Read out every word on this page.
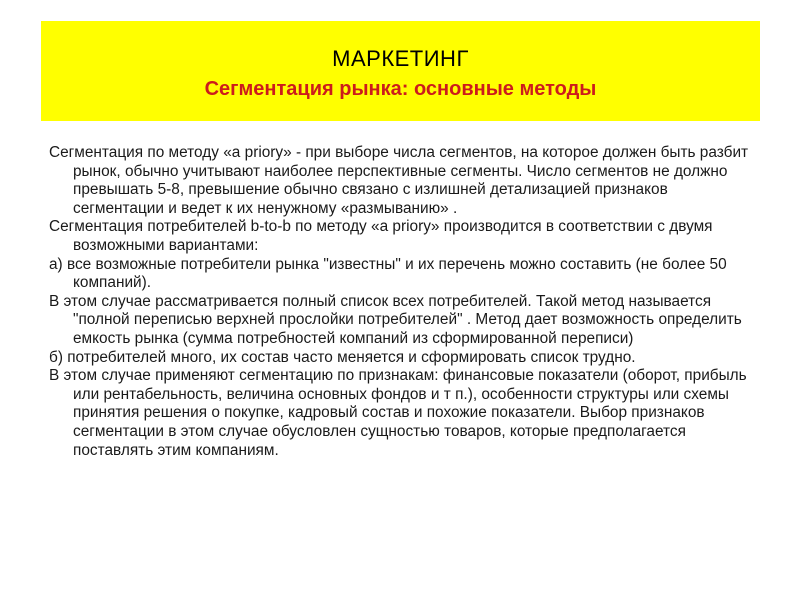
МАРКЕТИНГ
Сегментация рынка: основные методы

Сегментация по методу «a priory» - при выборе числа сегментов, на которое должен быть разбит рынок, обычно учитывают наиболее перспективные сегменты. Число сегментов не должно превышать 5-8, превышение обычно связано с излишней детализацией признаков сегментации и ведет к их ненужному «размыванию» .

Сегментация потребителей b-to-b по методу «a priory» производится в соответствии с двумя возможными вариантами:

а) все возможные потребители рынка "известны" и их перечень можно составить (не более 50 компаний).

В этом случае рассматривается полный список всех потребителей. Такой метод называется "полной переписью верхней прослойки потребителей" . Метод дает возможность определить емкость рынка (сумма потребностей компаний из сформированной переписи)

б) потребителей много, их состав часто меняется и сформировать список трудно.

В этом случае применяют сегментацию по признакам: финансовые показатели (оборот, прибыль или рентабельность, величина основных фондов и т п.), особенности структуры или схемы принятия решения о покупке, кадровый состав и похожие показатели. Выбор признаков сегментации в этом случае обусловлен сущностью товаров, которые предполагается поставлять этим компаниям.
